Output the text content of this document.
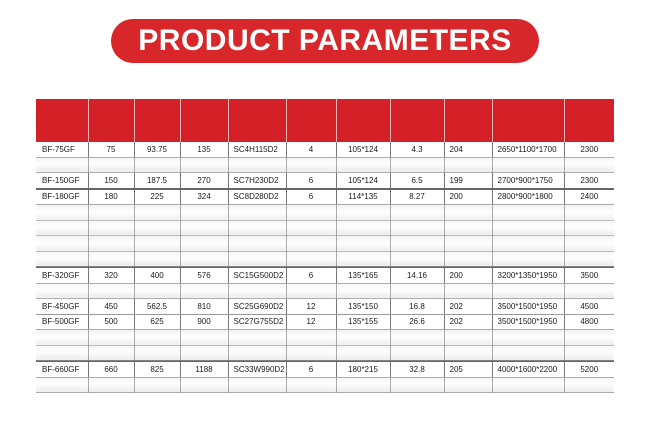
PRODUCT PARAMETERS

BF-75GF	75	93.75	135	SC4H115D2	4	105*124	4.3	204	2650*1100*1700	2300

BF-150GF	150	187.5	270	SC7H230D2	6	105*124	6.5	199	2700*900*1750	2300
BF-180GF	180	225	324	SC8D280D2	6	114*135	8.27	200	2800*900*1800	2400

BF-320GF	320	400	576	SC15G500D2	6	135*165	14.16	200	3200*1350*1950	3500

BF-450GF	450	562.5	810	SC25G690D2	12	135*150	16.8	202	3500*1500*1950	4500
BF-500GF	500	625	900	SC27G755D2	12	135*155	26.6	202	3500*1500*1950	4800

BF-660GF	660	825	1188	SC33W990D2	6	180*215	32.8	205	4000*1600*2200	5200
